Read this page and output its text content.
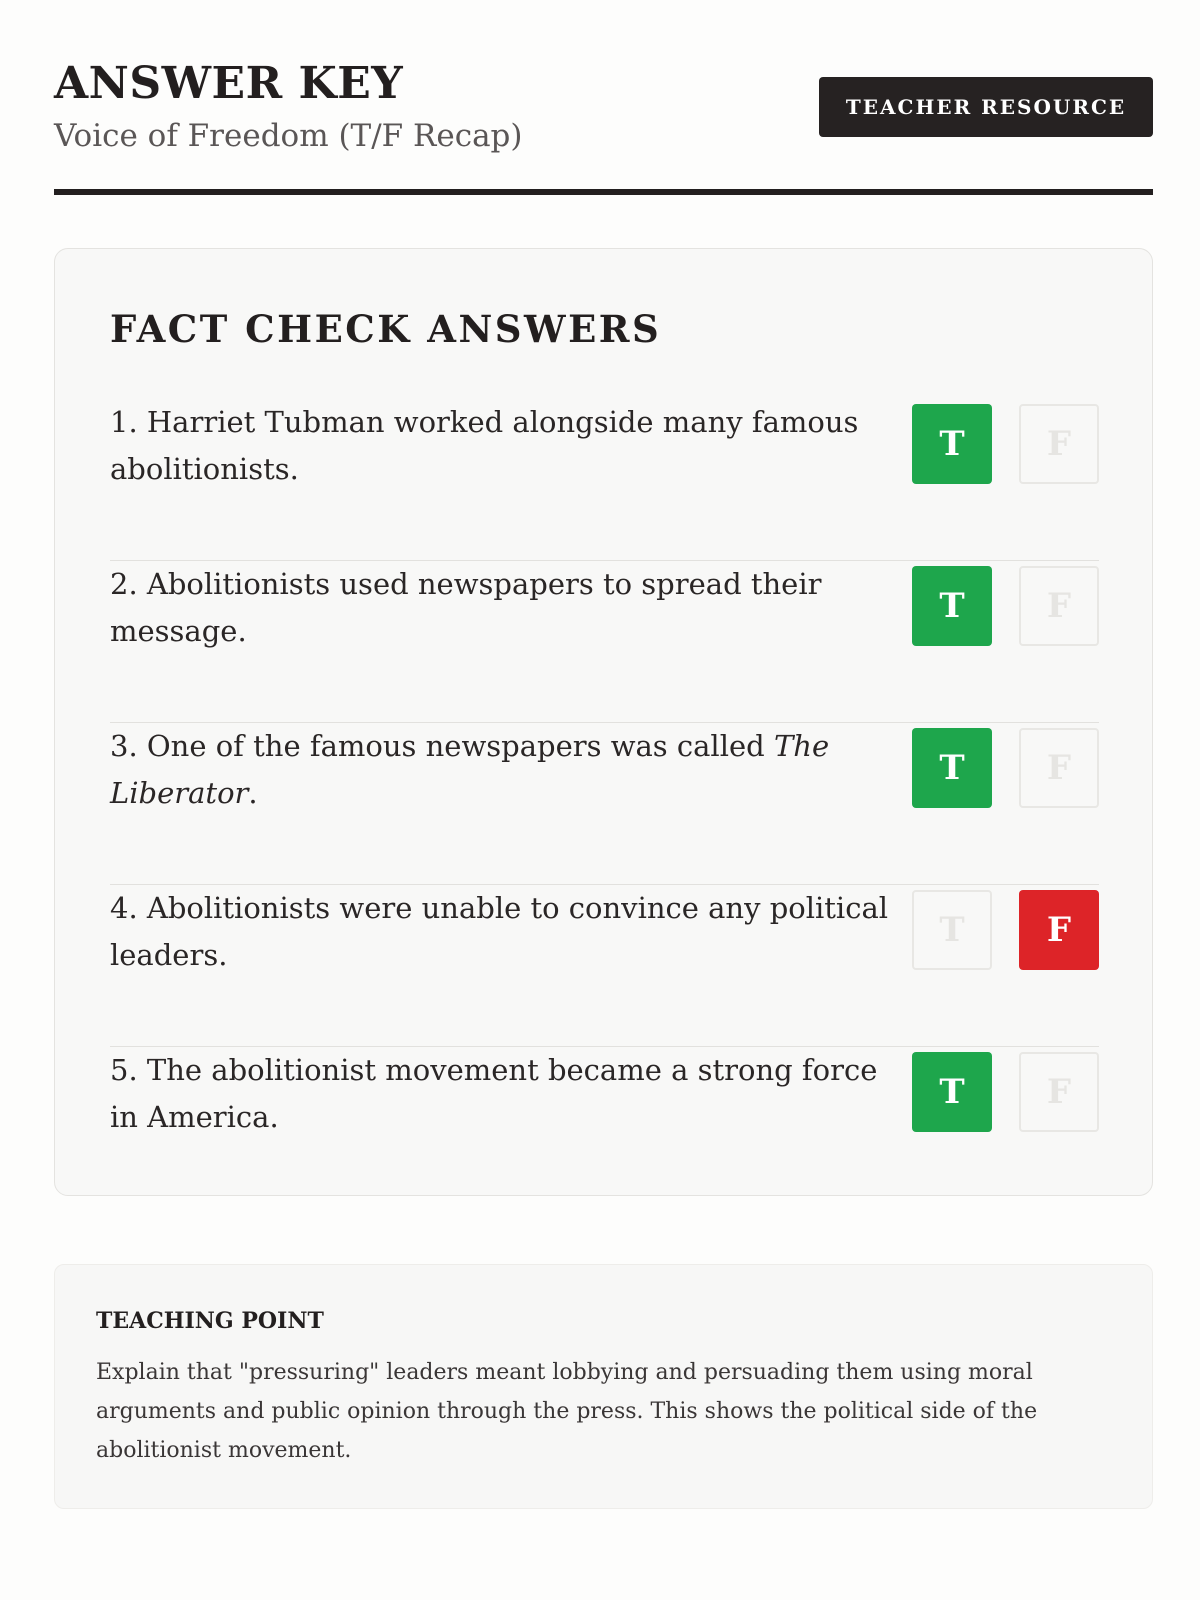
ANSWER KEY
Voice of Freedom (T/F Recap)
TEACHER RESOURCE
FACT CHECK ANSWERS
1. Harriet Tubman worked alongside many famous abolitionists.
T	F
2. Abolitionists used newspapers to spread their message.
T	F
3. One of the famous newspapers was called The Liberator.
T	F
4. Abolitionists were unable to convince any political leaders.
T	F
5. The abolitionist movement became a strong force in America.
T	F
TEACHING POINT
Explain that "pressuring" leaders meant lobbying and persuading them using moral arguments and public opinion through the press. This shows the political side of the abolitionist movement.
